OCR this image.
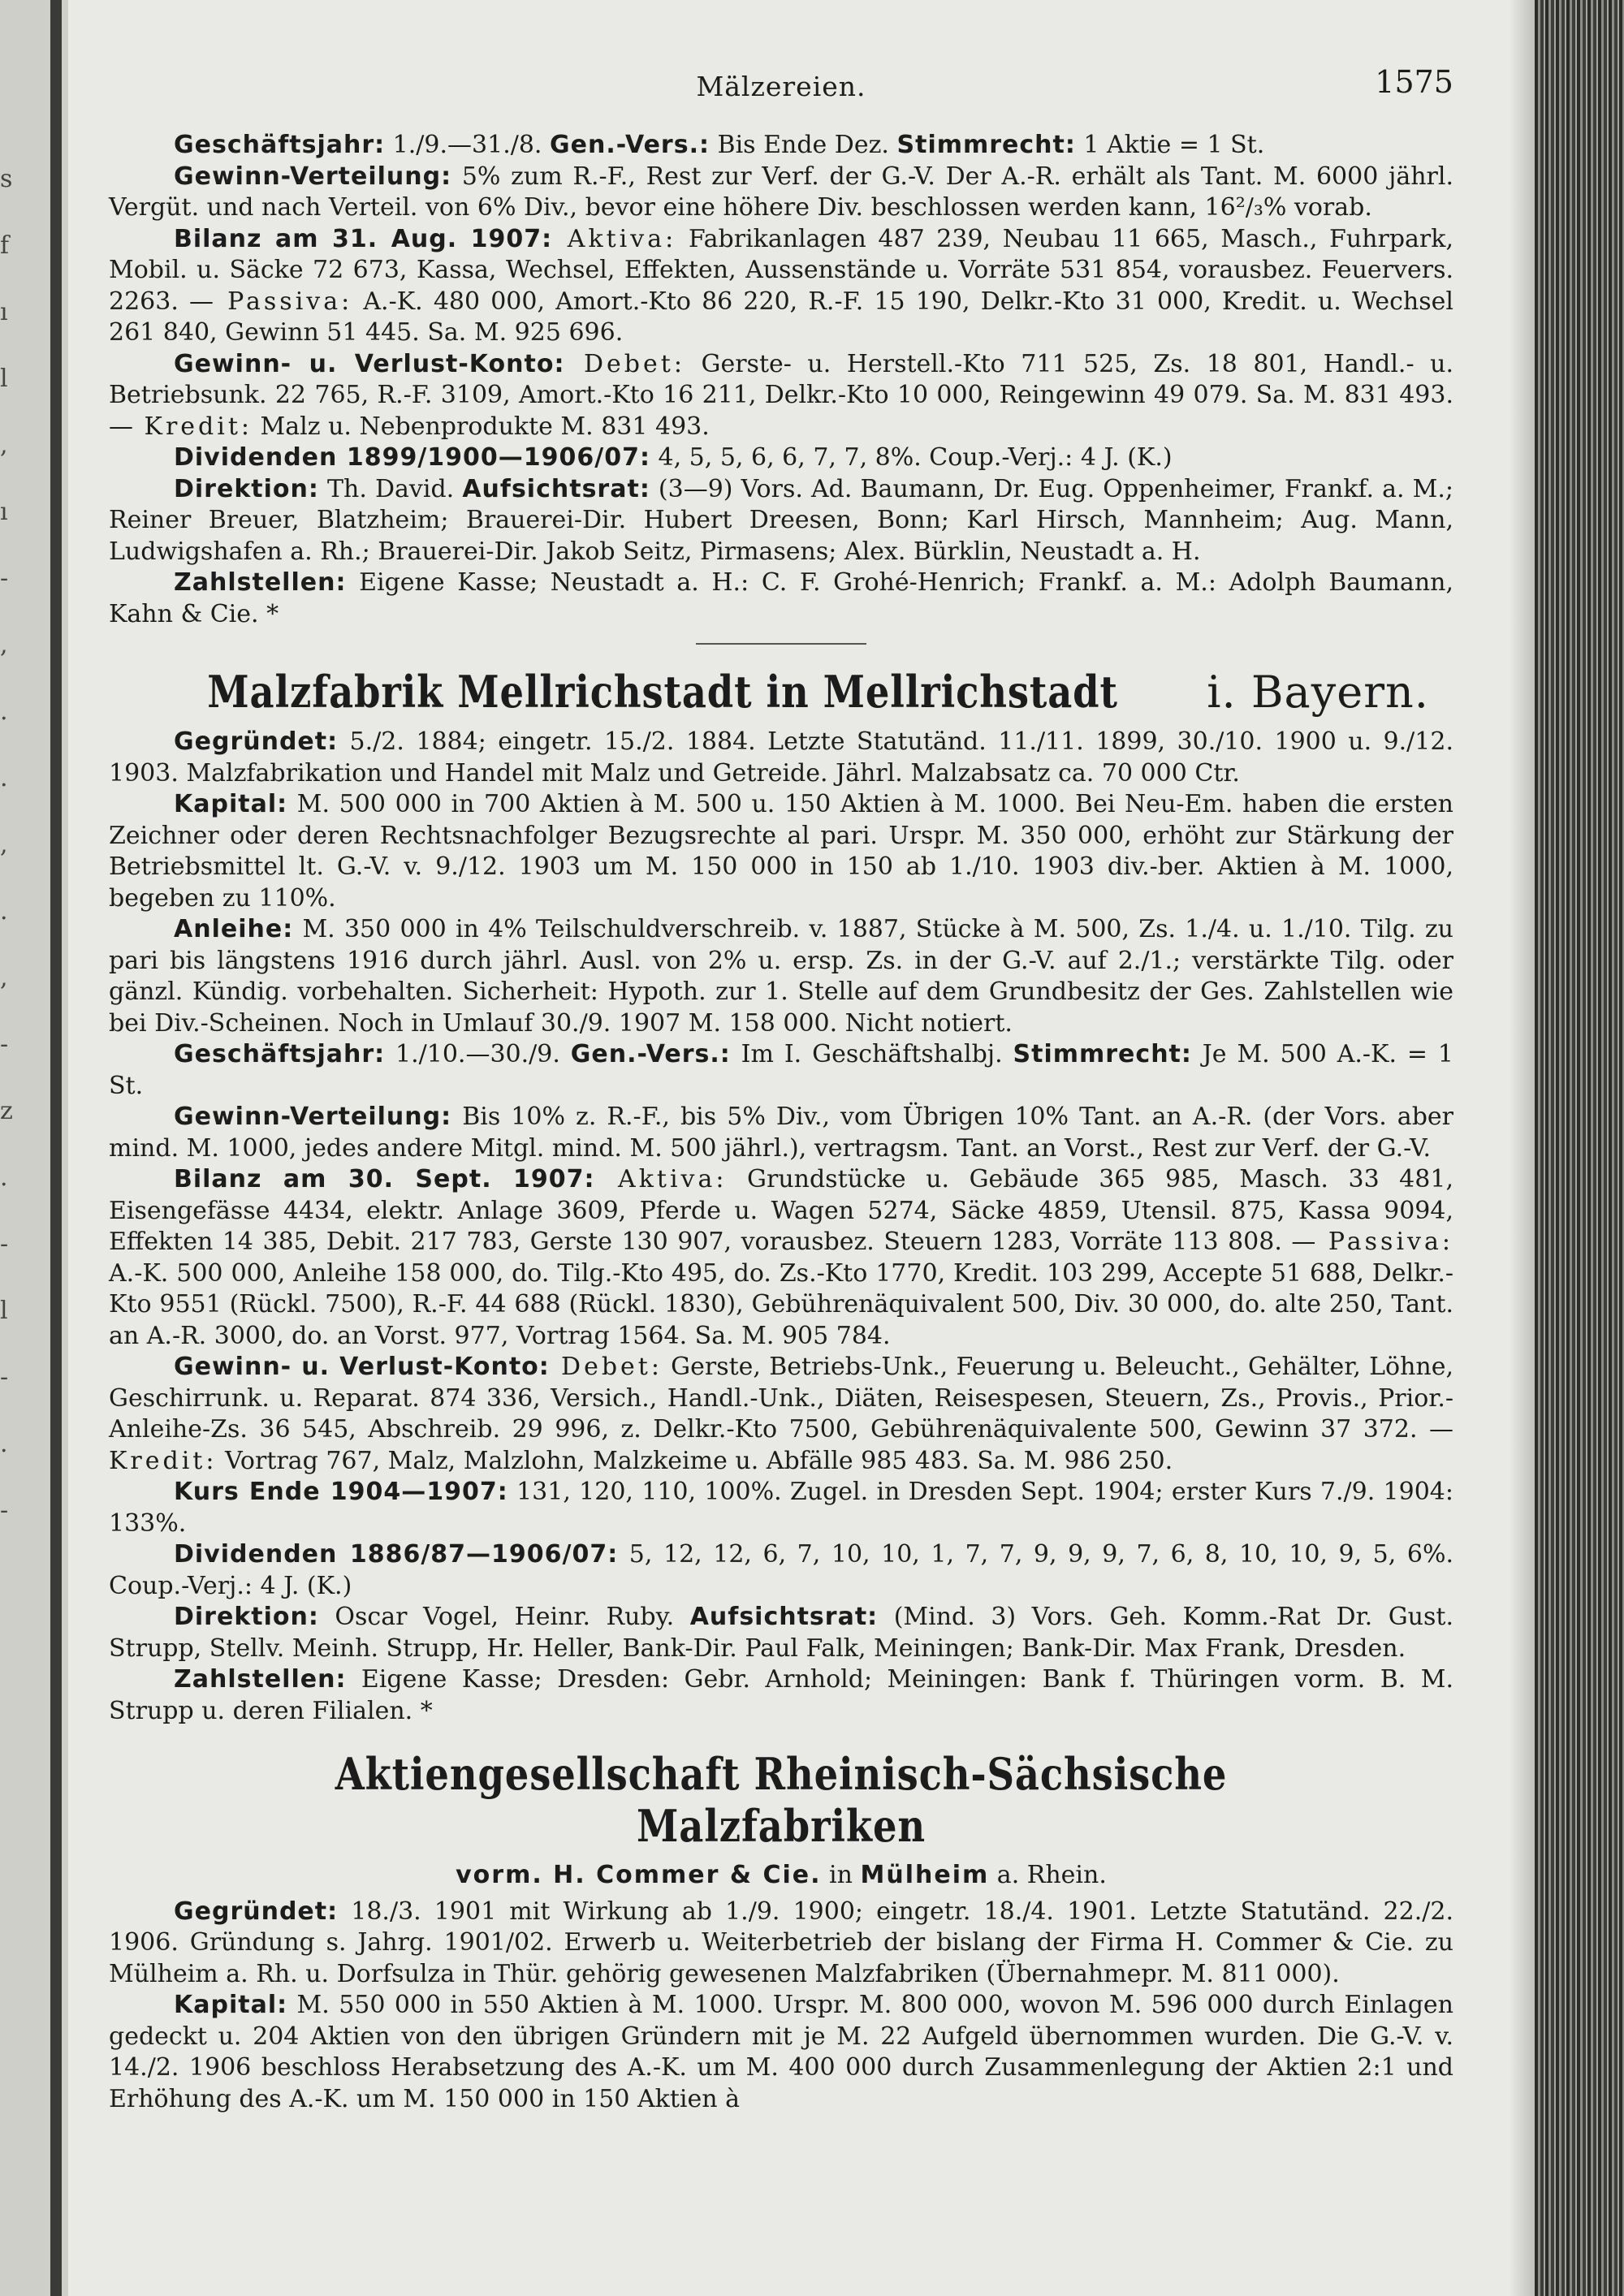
s
f
ı
l
,
ı
-
,
.
.
,
.
,
-
z
.
-
l
-
.
-
Mälzereien.	1575

Geschäftsjahr: 1./9.—31./8. Gen.-Vers.: Bis Ende Dez. Stimmrecht: 1 Aktie = 1 St.

Gewinn-Verteilung: 5% zum R.-F., Rest zur Verf. der G.-V. Der A.-R. erhält als Tant. M. 6000 jährl. Vergüt. und nach Verteil. von 6% Div., bevor eine höhere Div. beschlossen werden kann, 16²/₃% vorab.

Bilanz am 31. Aug. 1907: Aktiva: Fabrikanlagen 487 239, Neubau 11 665, Masch., Fuhrpark, Mobil. u. Säcke 72 673, Kassa, Wechsel, Effekten, Aussenstände u. Vorräte 531 854, vorausbez. Feuervers. 2263. — Passiva: A.-K. 480 000, Amort.-Kto 86 220, R.-F. 15 190, Delkr.-Kto 31 000, Kredit. u. Wechsel 261 840, Gewinn 51 445. Sa. M. 925 696.

Gewinn- u. Verlust-Konto: Debet: Gerste- u. Herstell.-Kto 711 525, Zs. 18 801, Handl.- u. Betriebsunk. 22 765, R.-F. 3109, Amort.-Kto 16 211, Delkr.-Kto 10 000, Reingewinn 49 079. Sa. M. 831 493. — Kredit: Malz u. Nebenprodukte M. 831 493.

Dividenden 1899/1900—1906/07: 4, 5, 5, 6, 6, 7, 7, 8%. Coup.-Verj.: 4 J. (K.)

Direktion: Th. David. Aufsichtsrat: (3—9) Vors. Ad. Baumann, Dr. Eug. Oppenheimer, Frankf. a. M.; Reiner Breuer, Blatzheim; Brauerei-Dir. Hubert Dreesen, Bonn; Karl Hirsch, Mannheim; Aug. Mann, Ludwigshafen a. Rh.; Brauerei-Dir. Jakob Seitz, Pirmasens; Alex. Bürklin, Neustadt a. H.

Zahlstellen: Eigene Kasse; Neustadt a. H.: C. F. Grohé-Henrich; Frankf. a. M.: Adolph Baumann, Kahn & Cie. *

Malzfabrik Mellrichstadt in Mellrichstadt i. Bayern.

Gegründet: 5./2. 1884; eingetr. 15./2. 1884. Letzte Statutänd. 11./11. 1899, 30./10. 1900 u. 9./12. 1903. Malzfabrikation und Handel mit Malz und Getreide. Jährl. Malzabsatz ca. 70 000 Ctr.

Kapital: M. 500 000 in 700 Aktien à M. 500 u. 150 Aktien à M. 1000. Bei Neu-Em. haben die ersten Zeichner oder deren Rechtsnachfolger Bezugsrechte al pari. Urspr. M. 350 000, erhöht zur Stärkung der Betriebsmittel lt. G.-V. v. 9./12. 1903 um M. 150 000 in 150 ab 1./10. 1903 div.-ber. Aktien à M. 1000, begeben zu 110%.

Anleihe: M. 350 000 in 4% Teilschuldverschreib. v. 1887, Stücke à M. 500, Zs. 1./4. u. 1./10. Tilg. zu pari bis längstens 1916 durch jährl. Ausl. von 2% u. ersp. Zs. in der G.-V. auf 2./1.; verstärkte Tilg. oder gänzl. Kündig. vorbehalten. Sicherheit: Hypoth. zur 1. Stelle auf dem Grundbesitz der Ges. Zahlstellen wie bei Div.-Scheinen. Noch in Umlauf 30./9. 1907 M. 158 000. Nicht notiert.

Geschäftsjahr: 1./10.—30./9. Gen.-Vers.: Im I. Geschäftshalbj. Stimmrecht: Je M. 500 A.-K. = 1 St.

Gewinn-Verteilung: Bis 10% z. R.-F., bis 5% Div., vom Übrigen 10% Tant. an A.-R. (der Vors. aber mind. M. 1000, jedes andere Mitgl. mind. M. 500 jährl.), vertragsm. Tant. an Vorst., Rest zur Verf. der G.-V.

Bilanz am 30. Sept. 1907: Aktiva: Grundstücke u. Gebäude 365 985, Masch. 33 481, Eisengefässe 4434, elektr. Anlage 3609, Pferde u. Wagen 5274, Säcke 4859, Utensil. 875, Kassa 9094, Effekten 14 385, Debit. 217 783, Gerste 130 907, vorausbez. Steuern 1283, Vorräte 113 808. — Passiva: A.-K. 500 000, Anleihe 158 000, do. Tilg.-Kto 495, do. Zs.-Kto 1770, Kredit. 103 299, Accepte 51 688, Delkr.-Kto 9551 (Rückl. 7500), R.-F. 44 688 (Rückl. 1830), Gebührenäquivalent 500, Div. 30 000, do. alte 250, Tant. an A.-R. 3000, do. an Vorst. 977, Vortrag 1564. Sa. M. 905 784.

Gewinn- u. Verlust-Konto: Debet: Gerste, Betriebs-Unk., Feuerung u. Beleucht., Gehälter, Löhne, Geschirrunk. u. Reparat. 874 336, Versich., Handl.-Unk., Diäten, Reisespesen, Steuern, Zs., Provis., Prior.-Anleihe-Zs. 36 545, Abschreib. 29 996, z. Delkr.-Kto 7500, Gebührenäquivalente 500, Gewinn 37 372. — Kredit: Vortrag 767, Malz, Malzlohn, Malzkeime u. Abfälle 985 483. Sa. M. 986 250.

Kurs Ende 1904—1907: 131, 120, 110, 100%. Zugel. in Dresden Sept. 1904; erster Kurs 7./9. 1904: 133%.

Dividenden 1886/87—1906/07: 5, 12, 12, 6, 7, 10, 10, 1, 7, 7, 9, 9, 9, 7, 6, 8, 10, 10, 9, 5, 6%. Coup.-Verj.: 4 J. (K.)

Direktion: Oscar Vogel, Heinr. Ruby. Aufsichtsrat: (Mind. 3) Vors. Geh. Komm.-Rat Dr. Gust. Strupp, Stellv. Meinh. Strupp, Hr. Heller, Bank-Dir. Paul Falk, Meiningen; Bank-Dir. Max Frank, Dresden.

Zahlstellen: Eigene Kasse; Dresden: Gebr. Arnhold; Meiningen: Bank f. Thüringen vorm. B. M. Strupp u. deren Filialen. *

Aktiengesellschaft Rheinisch-Sächsische Malzfabriken
vorm. H. Commer & Cie. in Mülheim a. Rhein.

Gegründet: 18./3. 1901 mit Wirkung ab 1./9. 1900; eingetr. 18./4. 1901. Letzte Statutänd. 22./2. 1906. Gründung s. Jahrg. 1901/02. Erwerb u. Weiterbetrieb der bislang der Firma H. Commer & Cie. zu Mülheim a. Rh. u. Dorfsulza in Thür. gehörig gewesenen Malzfabriken (Übernahmepr. M. 811 000).

Kapital: M. 550 000 in 550 Aktien à M. 1000. Urspr. M. 800 000, wovon M. 596 000 durch Einlagen gedeckt u. 204 Aktien von den übrigen Gründern mit je M. 22 Aufgeld übernommen wurden. Die G.-V. v. 14./2. 1906 beschloss Herabsetzung des A.-K. um M. 400 000 durch Zusammenlegung der Aktien 2:1 und Erhöhung des A.-K. um M. 150 000 in 150 Aktien à
